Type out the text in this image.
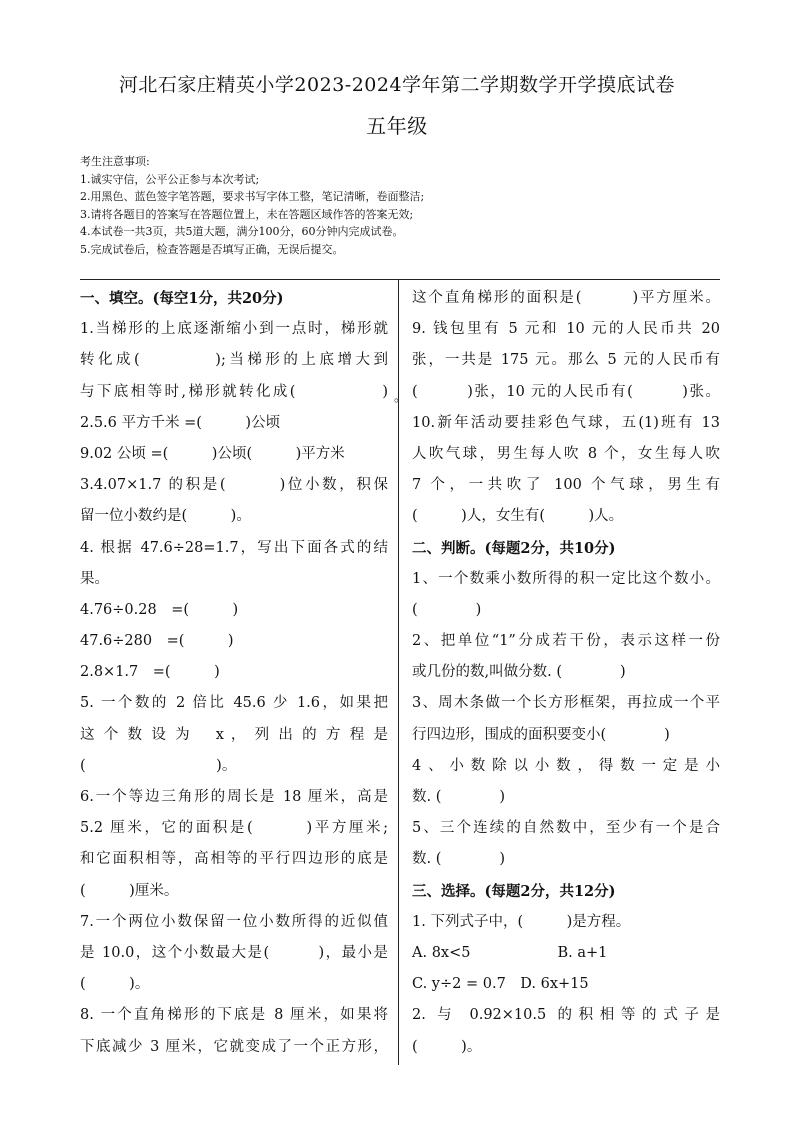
河北石家庄精英小学2023-2024学年第二学期数学开学摸底试卷
五年级
考生注意事项:
1.诚实守信，公平公正参与本次考试;
2.用黑色、蓝色签字笔答题，要求书写字体工整，笔记清晰，卷面整洁;
3.请将各题目的答案写在答题位置上，未在答题区域作答的答案无效;
4.本试卷一共3页，共5道大题，满分100分，60分钟内完成试卷。
5.完成试卷后，检查答题是否填写正确，无误后提交。
。
一、填空。(每空1分，共20分)
1.当梯形的上底逐渐缩小到一点时，梯形就
转化成(　　　　);当梯形的上底增大到
与下底相等时,梯形就转化成(　　　　　)
2.5.6 平方千米 =(　　　)公顷
9.02 公顷 =(　　　)公顷(　　　)平方米
3.4.07×1.7 的积是(　　　)位小数，积保
留一位小数约是(　　　)。
4. 根据 47.6÷28=1.7，写出下面各式的结
果。
4.76÷0.28　=(　　　)
47.6÷280　=(　　　)
2.8×1.7　=(　　　)
5. 一个数的 2 倍比 45.6 少 1.6，如果把
这 个 数 设 为　 x ， 列 出 的 方 程 是
(　　　　　　　　　)。
6.一个等边三角形的周长是 18 厘米，高是
5.2 厘米，它的面积是(　　　)平方厘米;
和它面积相等，高相等的平行四边形的底是
(　　　)厘米。
7.一个两位小数保留一位小数所得的近似值
是 10.0，这个小数最大是(　　　)，最小是
(　　　)。
8. 一个直角梯形的下底是 8 厘米，如果将
下底减少 3 厘米，它就变成了一个正方形，
这个直角梯形的面积是(　　　)平方厘米。
9. 钱包里有 5 元和 10 元的人民币共 20
张，一共是 175 元。那么 5 元的人民币有
(　　　)张，10 元的人民币有(　　　)张。
10.新年活动要挂彩色气球，五(1)班有 13
人吹气球，男生每人吹 8 个，女生每人吹
7 个，一共吹了 100 个气球，男生有
(　　　)人，女生有(　　　)人。
二、判断。(每题2分，共10分)
1、一个数乘小数所得的积一定比这个数小。
(　　　　)
2、把单位“1”分成若干份，表示这样一份
或几份的数,叫做分数. (　　　　)
3、周木条做一个长方形框架，再拉成一个平
行四边形，围成的面积要变小(　　　　)
4、小数除以小数，得数一定是小
数. (　　　　)
5、三个连续的自然数中，至少有一个是合
数. (　　　　)
三、选择。(每题2分，共12分)
1. 下列式子中，(　　　)是方程。
A. 8x<5　　　　　　B. a+1
C. y÷2 = 0.7　D. 6x+15
2. 与 0.92×10.5 的积相等的式子是
(　　　)。
